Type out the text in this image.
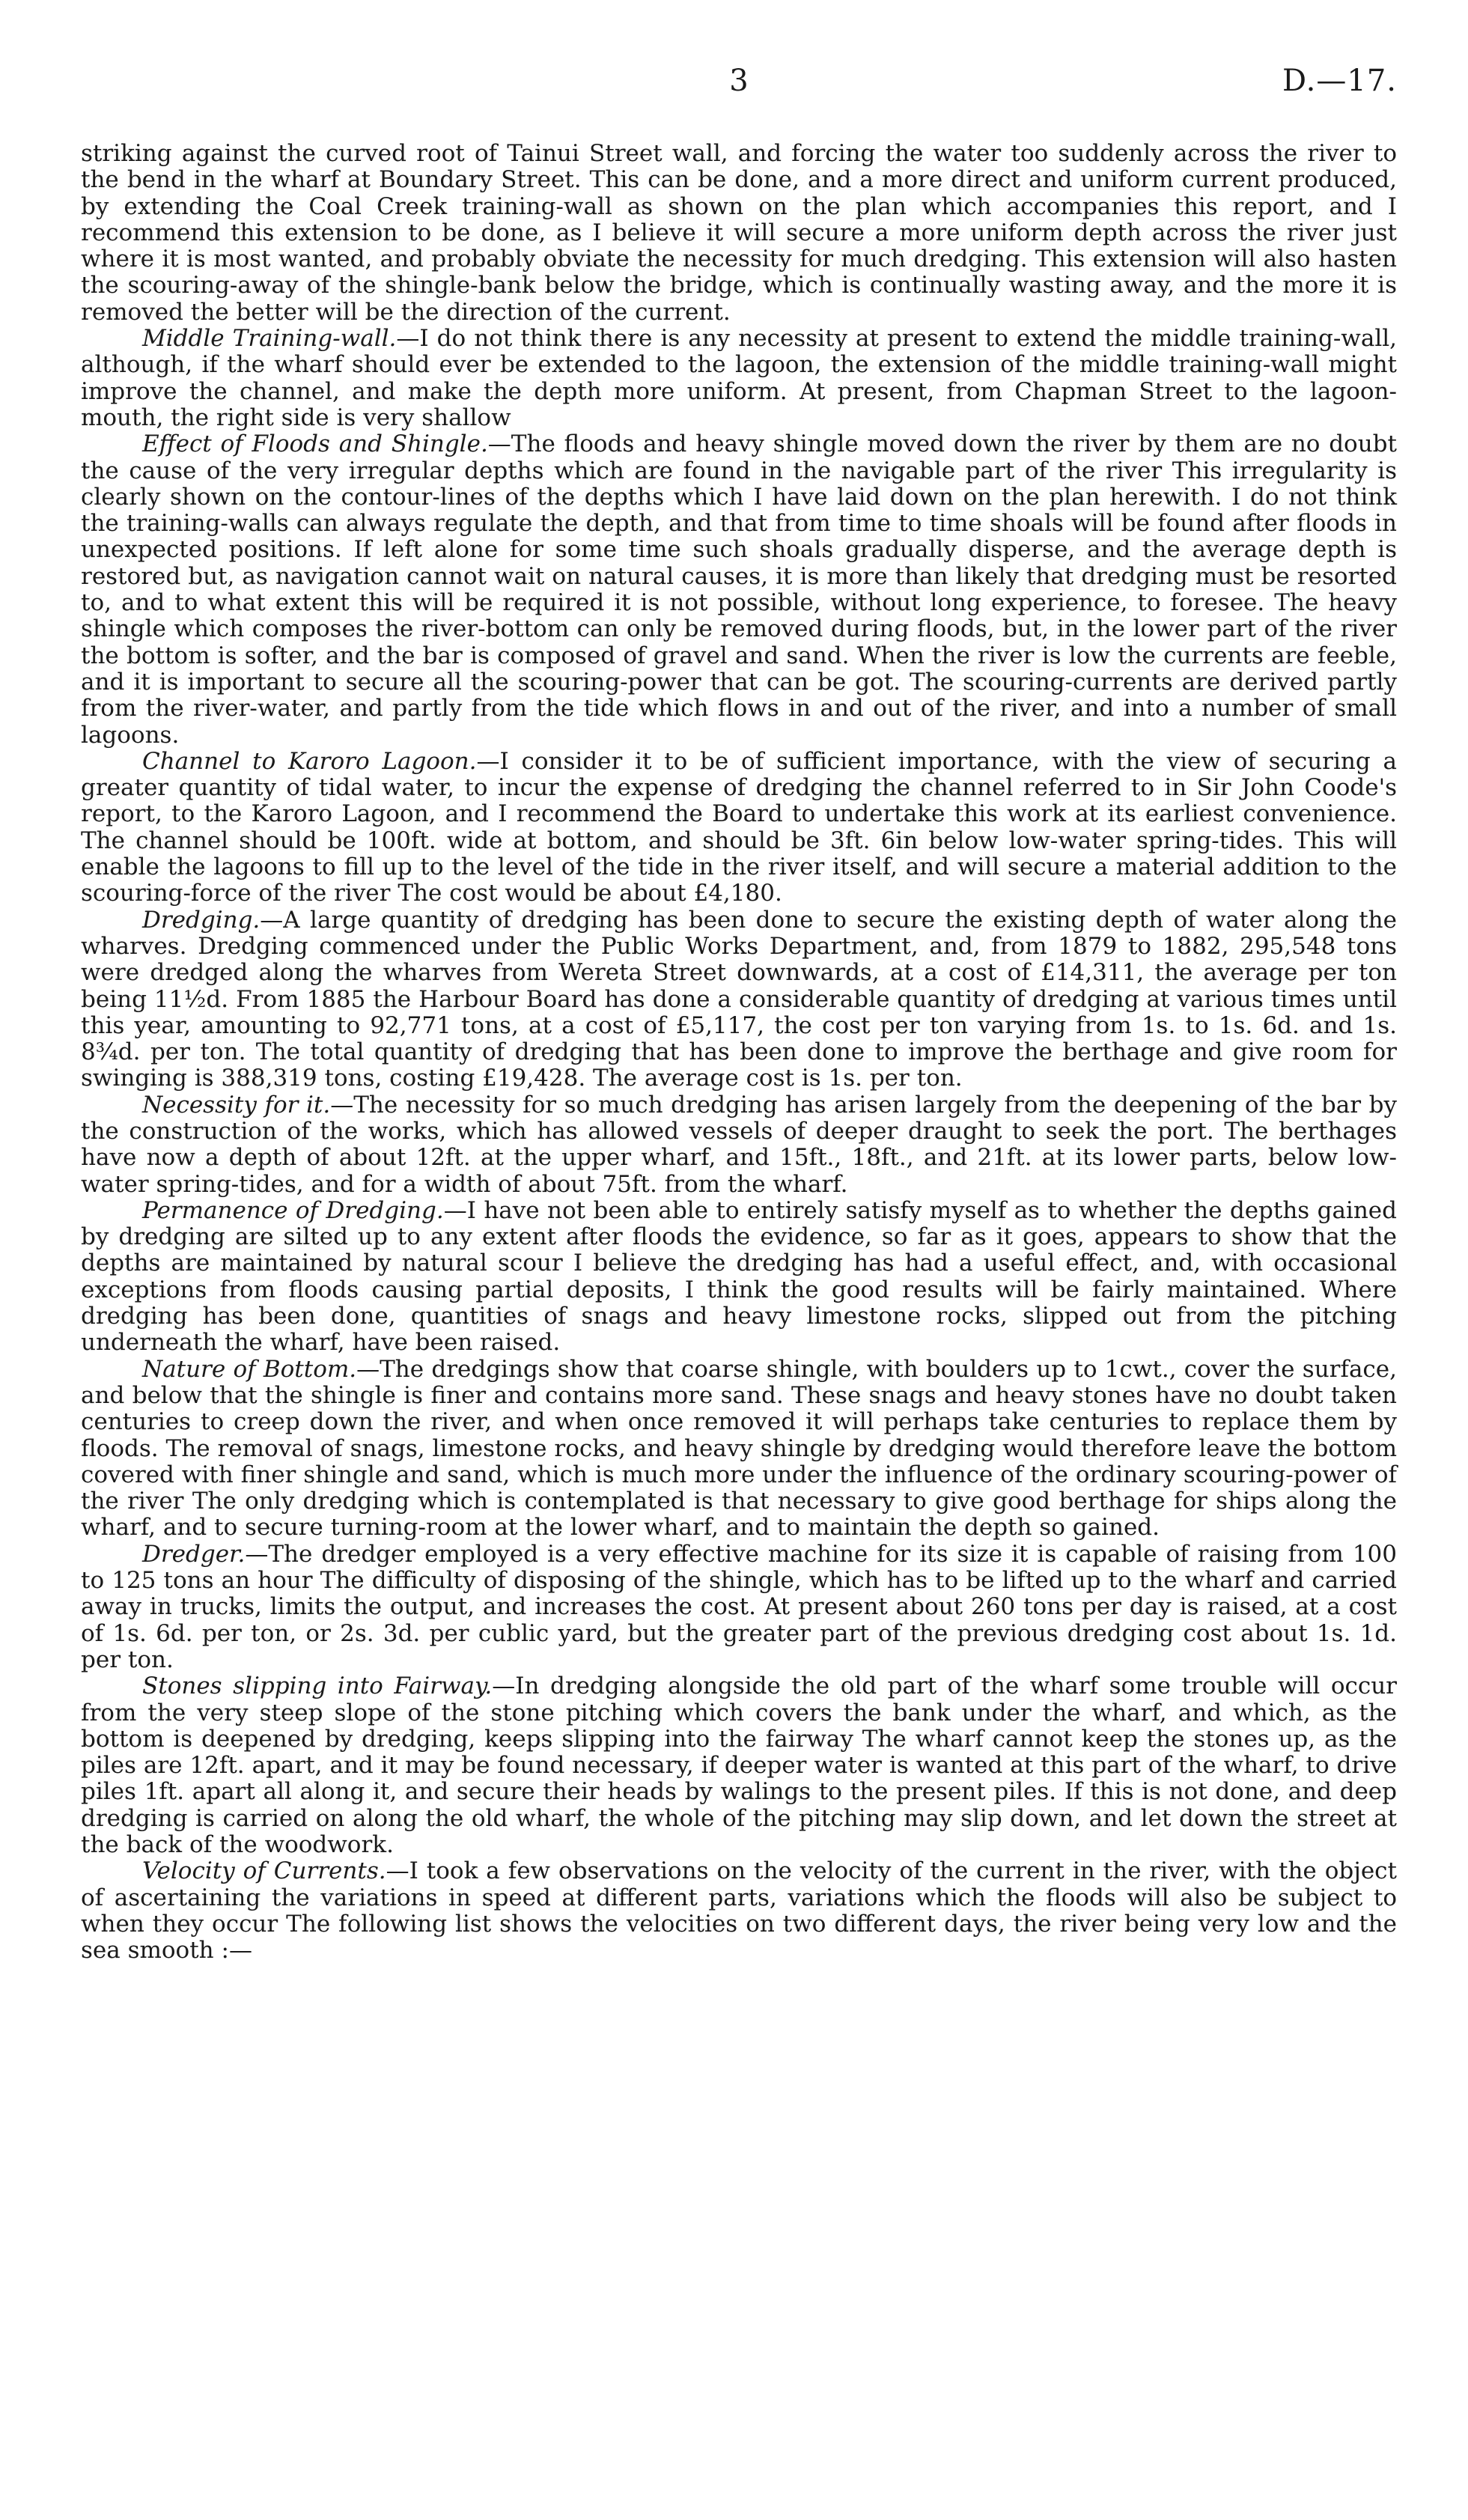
3	D.—17.

striking against the curved root of Tainui Street wall, and forcing the water too suddenly across the river to the bend in the wharf at Boundary Street. This can be done, and a more direct and uniform current produced, by extending the Coal Creek training-wall as shown on the plan which accompanies this report, and I recommend this extension to be done, as I believe it will secure a more uniform depth across the river just where it is most wanted, and probably obviate the necessity for much dredging. This extension will also hasten the scouring-away of the shingle-bank below the bridge, which is continually wasting away, and the more it is removed the better will be the direction of the current.

Middle Training-wall.—I do not think there is any necessity at present to extend the middle training-wall, although, if the wharf should ever be extended to the lagoon, the extension of the middle training-wall might improve the channel, and make the depth more uniform. At present, from Chapman Street to the lagoon-mouth, the right side is very shallow

Effect of Floods and Shingle.—The floods and heavy shingle moved down the river by them are no doubt the cause of the very irregular depths which are found in the navigable part of the river This irregularity is clearly shown on the contour-lines of the depths which I have laid down on the plan herewith. I do not think the training-walls can always regulate the depth, and that from time to time shoals will be found after floods in unexpected positions. If left alone for some time such shoals gradually disperse, and the average depth is restored but, as navigation cannot wait on natural causes, it is more than likely that dredging must be resorted to, and to what extent this will be required it is not possible, without long experience, to foresee. The heavy shingle which composes the river-bottom can only be removed during floods, but, in the lower part of the river the bottom is softer, and the bar is composed of gravel and sand. When the river is low the currents are feeble, and it is important to secure all the scouring-power that can be got. The scouring-currents are derived partly from the river-water, and partly from the tide which flows in and out of the river, and into a number of small lagoons.

Channel to Karoro Lagoon.—I consider it to be of sufficient importance, with the view of securing a greater quantity of tidal water, to incur the expense of dredging the channel referred to in Sir John Coode's report, to the Karoro Lagoon, and I recommend the Board to undertake this work at its earliest convenience. The channel should be 100ft. wide at bottom, and should be 3ft. 6in below low-water spring-tides. This will enable the lagoons to fill up to the level of the tide in the river itself, and will secure a material addition to the scouring-force of the river The cost would be about £4,180.

Dredging.—A large quantity of dredging has been done to secure the existing depth of water along the wharves. Dredging commenced under the Public Works Department, and, from 1879 to 1882, 295,548 tons were dredged along the wharves from Wereta Street downwards, at a cost of £14,311, the average per ton being 11½d. From 1885 the Harbour Board has done a considerable quantity of dredging at various times until this year, amounting to 92,771 tons, at a cost of £5,117, the cost per ton varying from 1s. to 1s. 6d. and 1s. 8¾d. per ton. The total quantity of dredging that has been done to improve the berthage and give room for swinging is 388,319 tons, costing £19,428. The average cost is 1s. per ton.

Necessity for it.—The necessity for so much dredging has arisen largely from the deepening of the bar by the construction of the works, which has allowed vessels of deeper draught to seek the port. The berthages have now a depth of about 12ft. at the upper wharf, and 15ft., 18ft., and 21ft. at its lower parts, below low-water spring-tides, and for a width of about 75ft. from the wharf.

Permanence of Dredging.—I have not been able to entirely satisfy myself as to whether the depths gained by dredging are silted up to any extent after floods the evidence, so far as it goes, appears to show that the depths are maintained by natural scour I believe the dredging has had a useful effect, and, with occasional exceptions from floods causing partial deposits, I think the good results will be fairly maintained. Where dredging has been done, quantities of snags and heavy limestone rocks, slipped out from the pitching underneath the wharf, have been raised.

Nature of Bottom.—The dredgings show that coarse shingle, with boulders up to 1cwt., cover the surface, and below that the shingle is finer and contains more sand. These snags and heavy stones have no doubt taken centuries to creep down the river, and when once removed it will perhaps take centuries to replace them by floods. The removal of snags, limestone rocks, and heavy shingle by dredging would therefore leave the bottom covered with finer shingle and sand, which is much more under the influence of the ordinary scouring-power of the river The only dredging which is contemplated is that necessary to give good berthage for ships along the wharf, and to secure turning-room at the lower wharf, and to maintain the depth so gained.

Dredger.—The dredger employed is a very effective machine for its size it is capable of raising from 100 to 125 tons an hour The difficulty of disposing of the shingle, which has to be lifted up to the wharf and carried away in trucks, limits the output, and increases the cost. At present about 260 tons per day is raised, at a cost of 1s. 6d. per ton, or 2s. 3d. per cublic yard, but the greater part of the previous dredging cost about 1s. 1d. per ton.

Stones slipping into Fairway.—In dredging alongside the old part of the wharf some trouble will occur from the very steep slope of the stone pitching which covers the bank under the wharf, and which, as the bottom is deepened by dredging, keeps slipping into the fairway The wharf cannot keep the stones up, as the piles are 12ft. apart, and it may be found necessary, if deeper water is wanted at this part of the wharf, to drive piles 1ft. apart all along it, and secure their heads by walings to the present piles. If this is not done, and deep dredging is carried on along the old wharf, the whole of the pitching may slip down, and let down the street at the back of the woodwork.

Velocity of Currents.—I took a few observations on the velocity of the current in the river, with the object of ascertaining the variations in speed at different parts, variations which the floods will also be subject to when they occur The following list shows the velocities on two different days, the river being very low and the sea smooth :—
